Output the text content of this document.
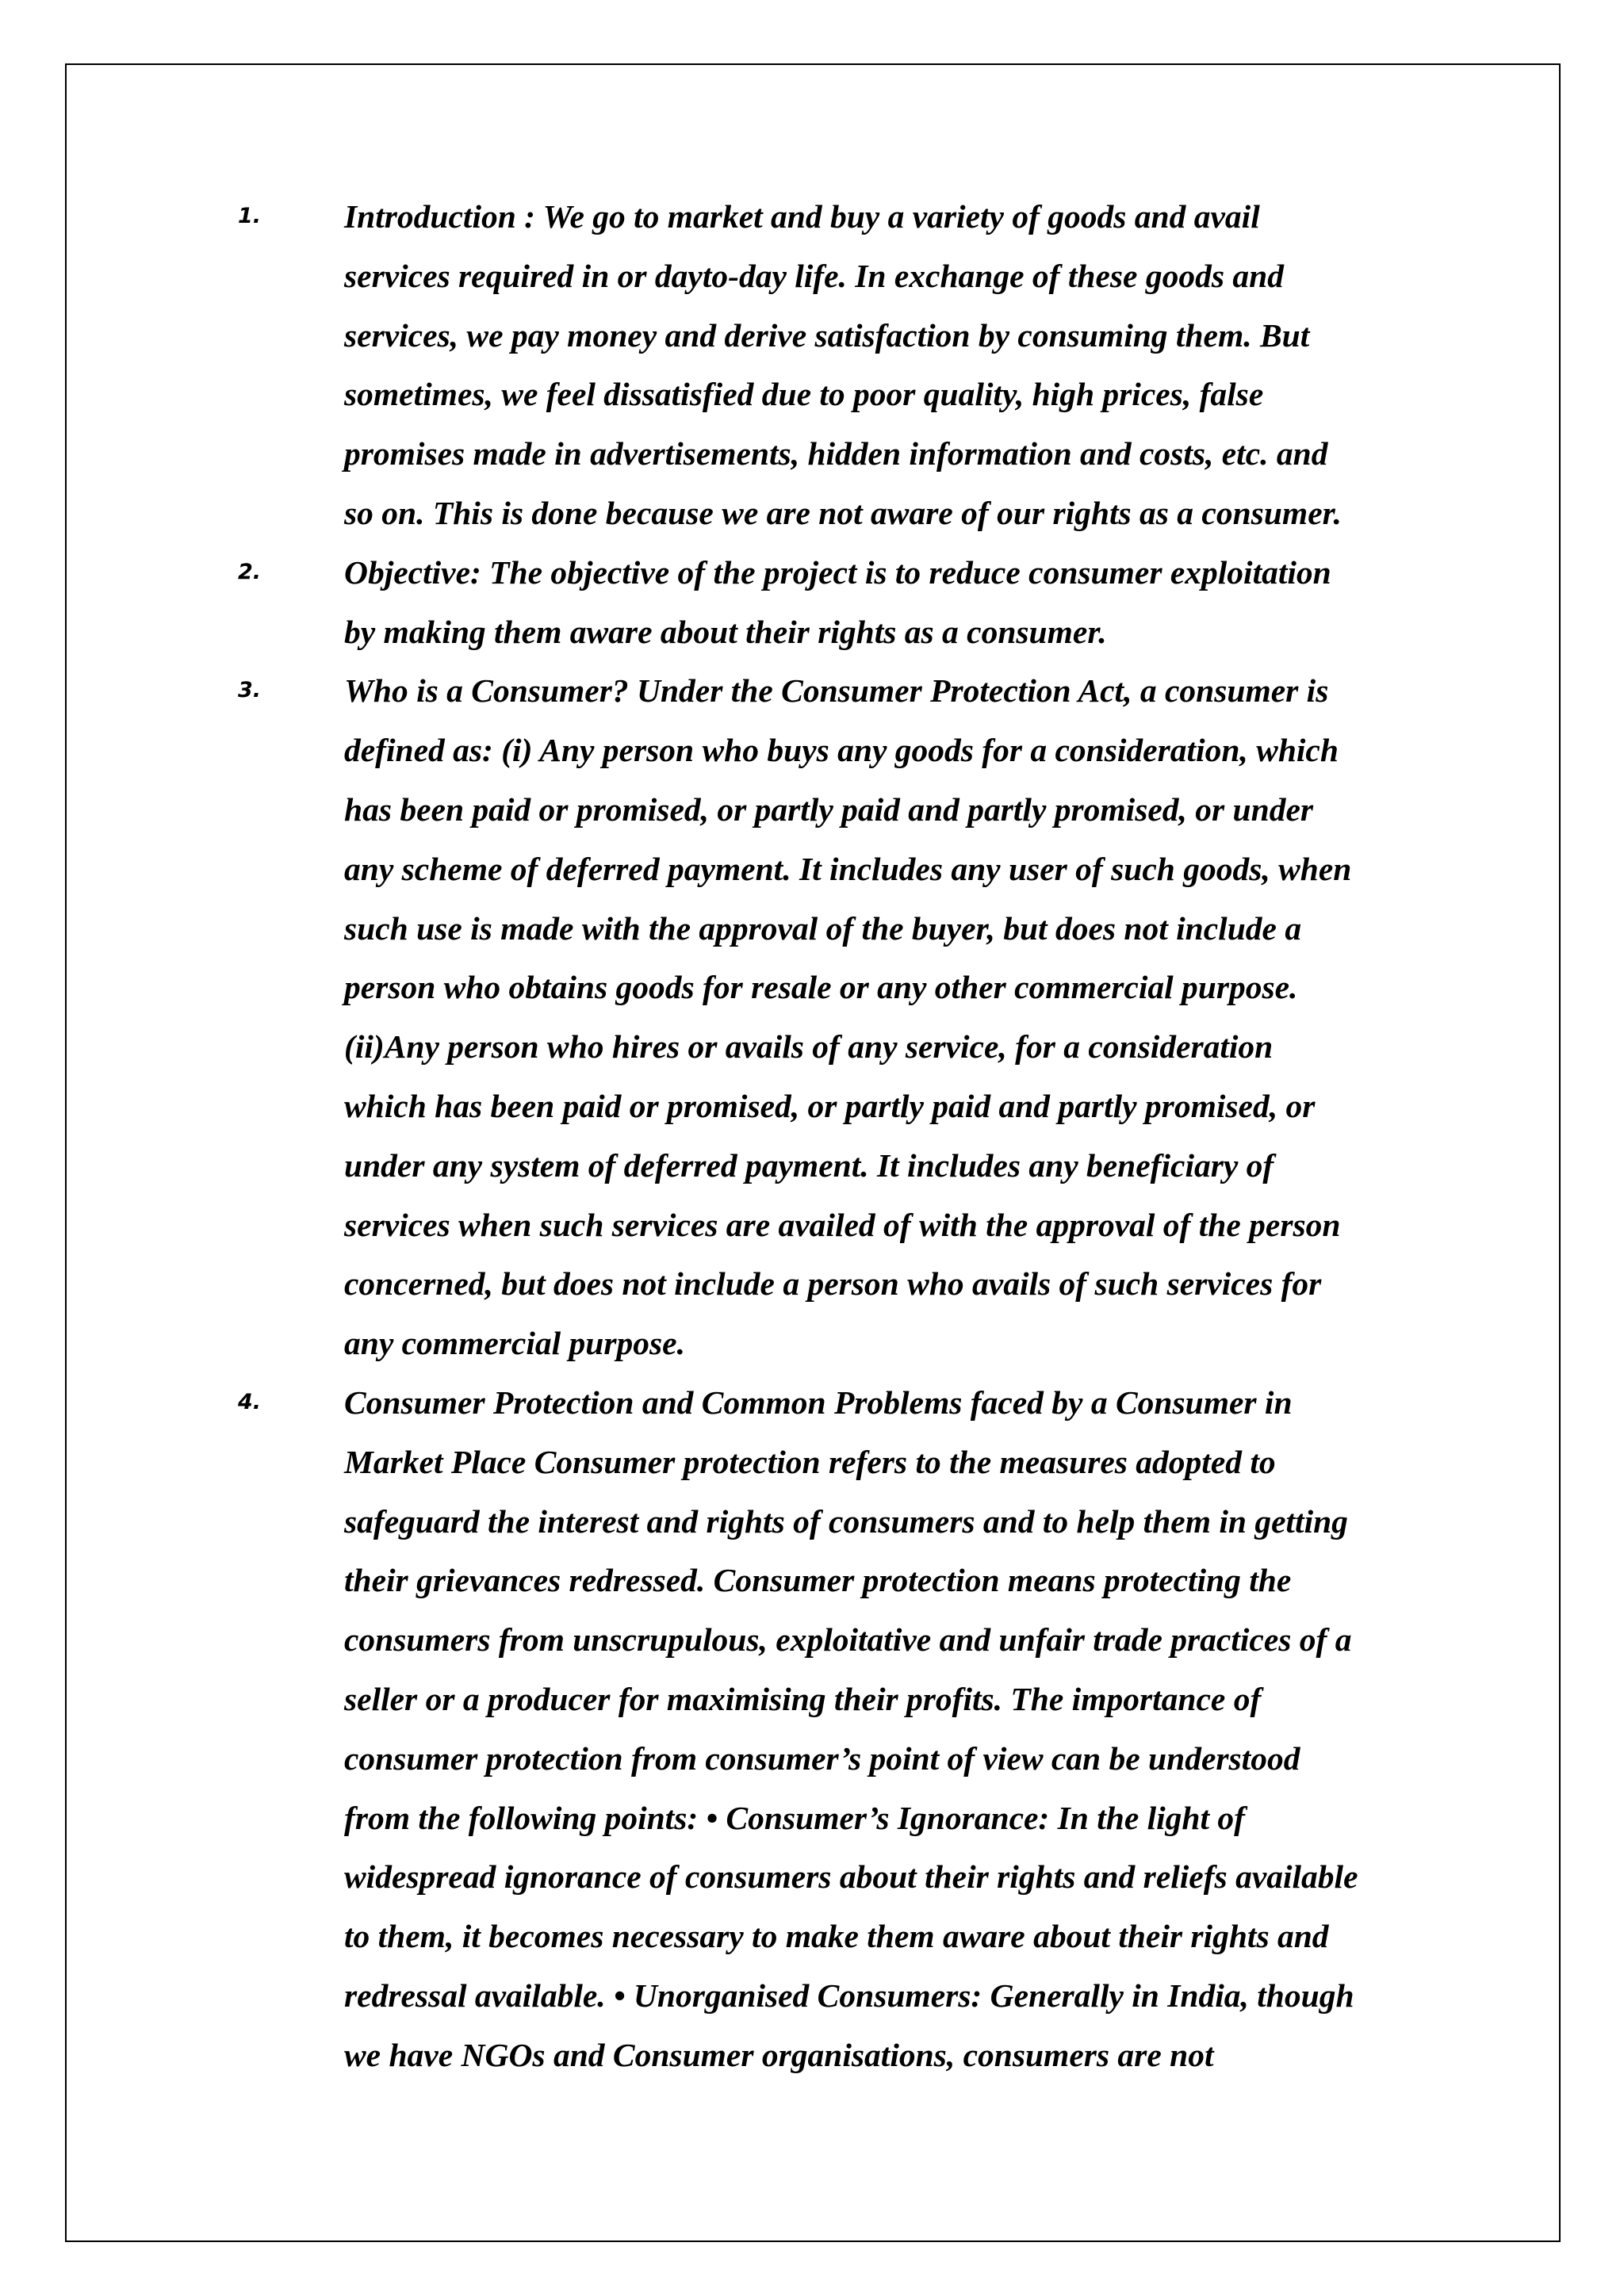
1.	Introduction : We go to market and buy a variety of goods and avail
services required in or dayto-day life. In exchange of these goods and
services, we pay money and derive satisfaction by consuming them. But
sometimes, we feel dissatisfied due to poor quality, high prices, false
promises made in advertisements, hidden information and costs, etc. and
so on. This is done because we are not aware of our rights as a consumer.
2.	Objective: The objective of the project is to reduce consumer exploitation
by making them aware about their rights as a consumer.
3.	Who is a Consumer? Under the Consumer Protection Act, a consumer is
defined as: (i) Any person who buys any goods for a consideration, which
has been paid or promised, or partly paid and partly promised, or under
any scheme of deferred payment. It includes any user of such goods, when
such use is made with the approval of the buyer, but does not include a
person who obtains goods for resale or any other commercial purpose.
(ii)Any person who hires or avails of any service, for a consideration
which has been paid or promised, or partly paid and partly promised, or
under any system of deferred payment. It includes any beneficiary of
services when such services are availed of with the approval of the person
concerned, but does not include a person who avails of such services for
any commercial purpose.
4.	Consumer Protection and Common Problems faced by a Consumer in
Market Place Consumer protection refers to the measures adopted to
safeguard the interest and rights of consumers and to help them in getting
their grievances redressed. Consumer protection means protecting the
consumers from unscrupulous, exploitative and unfair trade practices of a
seller or a producer for maximising their profits. The importance of
consumer protection from consumer’s point of view can be understood
from the following points: • Consumer’s Ignorance: In the light of
widespread ignorance of consumers about their rights and reliefs available
to them, it becomes necessary to make them aware about their rights and
redressal available. • Unorganised Consumers: Generally in India, though
we have NGOs and Consumer organisations, consumers are not
